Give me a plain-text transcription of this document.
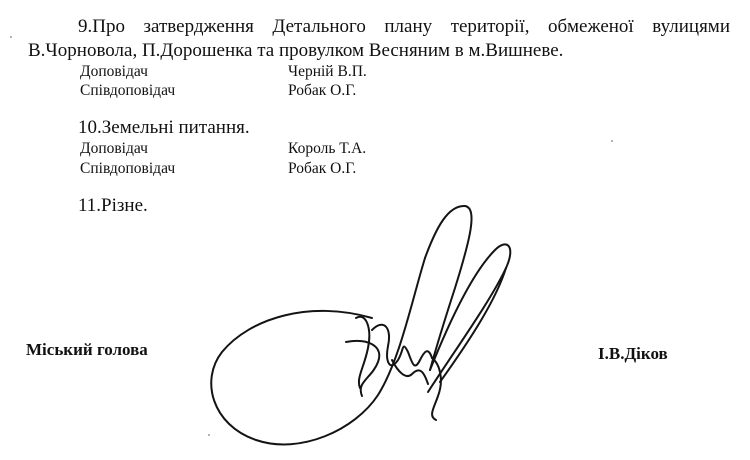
9.Про затвердження Детального плану території, обмеженої вулицями
В.Чорновола, П.Дорошенка та провулком Весняним в м.Вишневе.
Доповідач	Черній В.П.
Співдоповідач	Робак О.Г.
10.Земельні питання.
Доповідач	Король Т.А.
Співдоповідач	Робак О.Г.
11.Різне.
Міський голова	І.В.Діков
